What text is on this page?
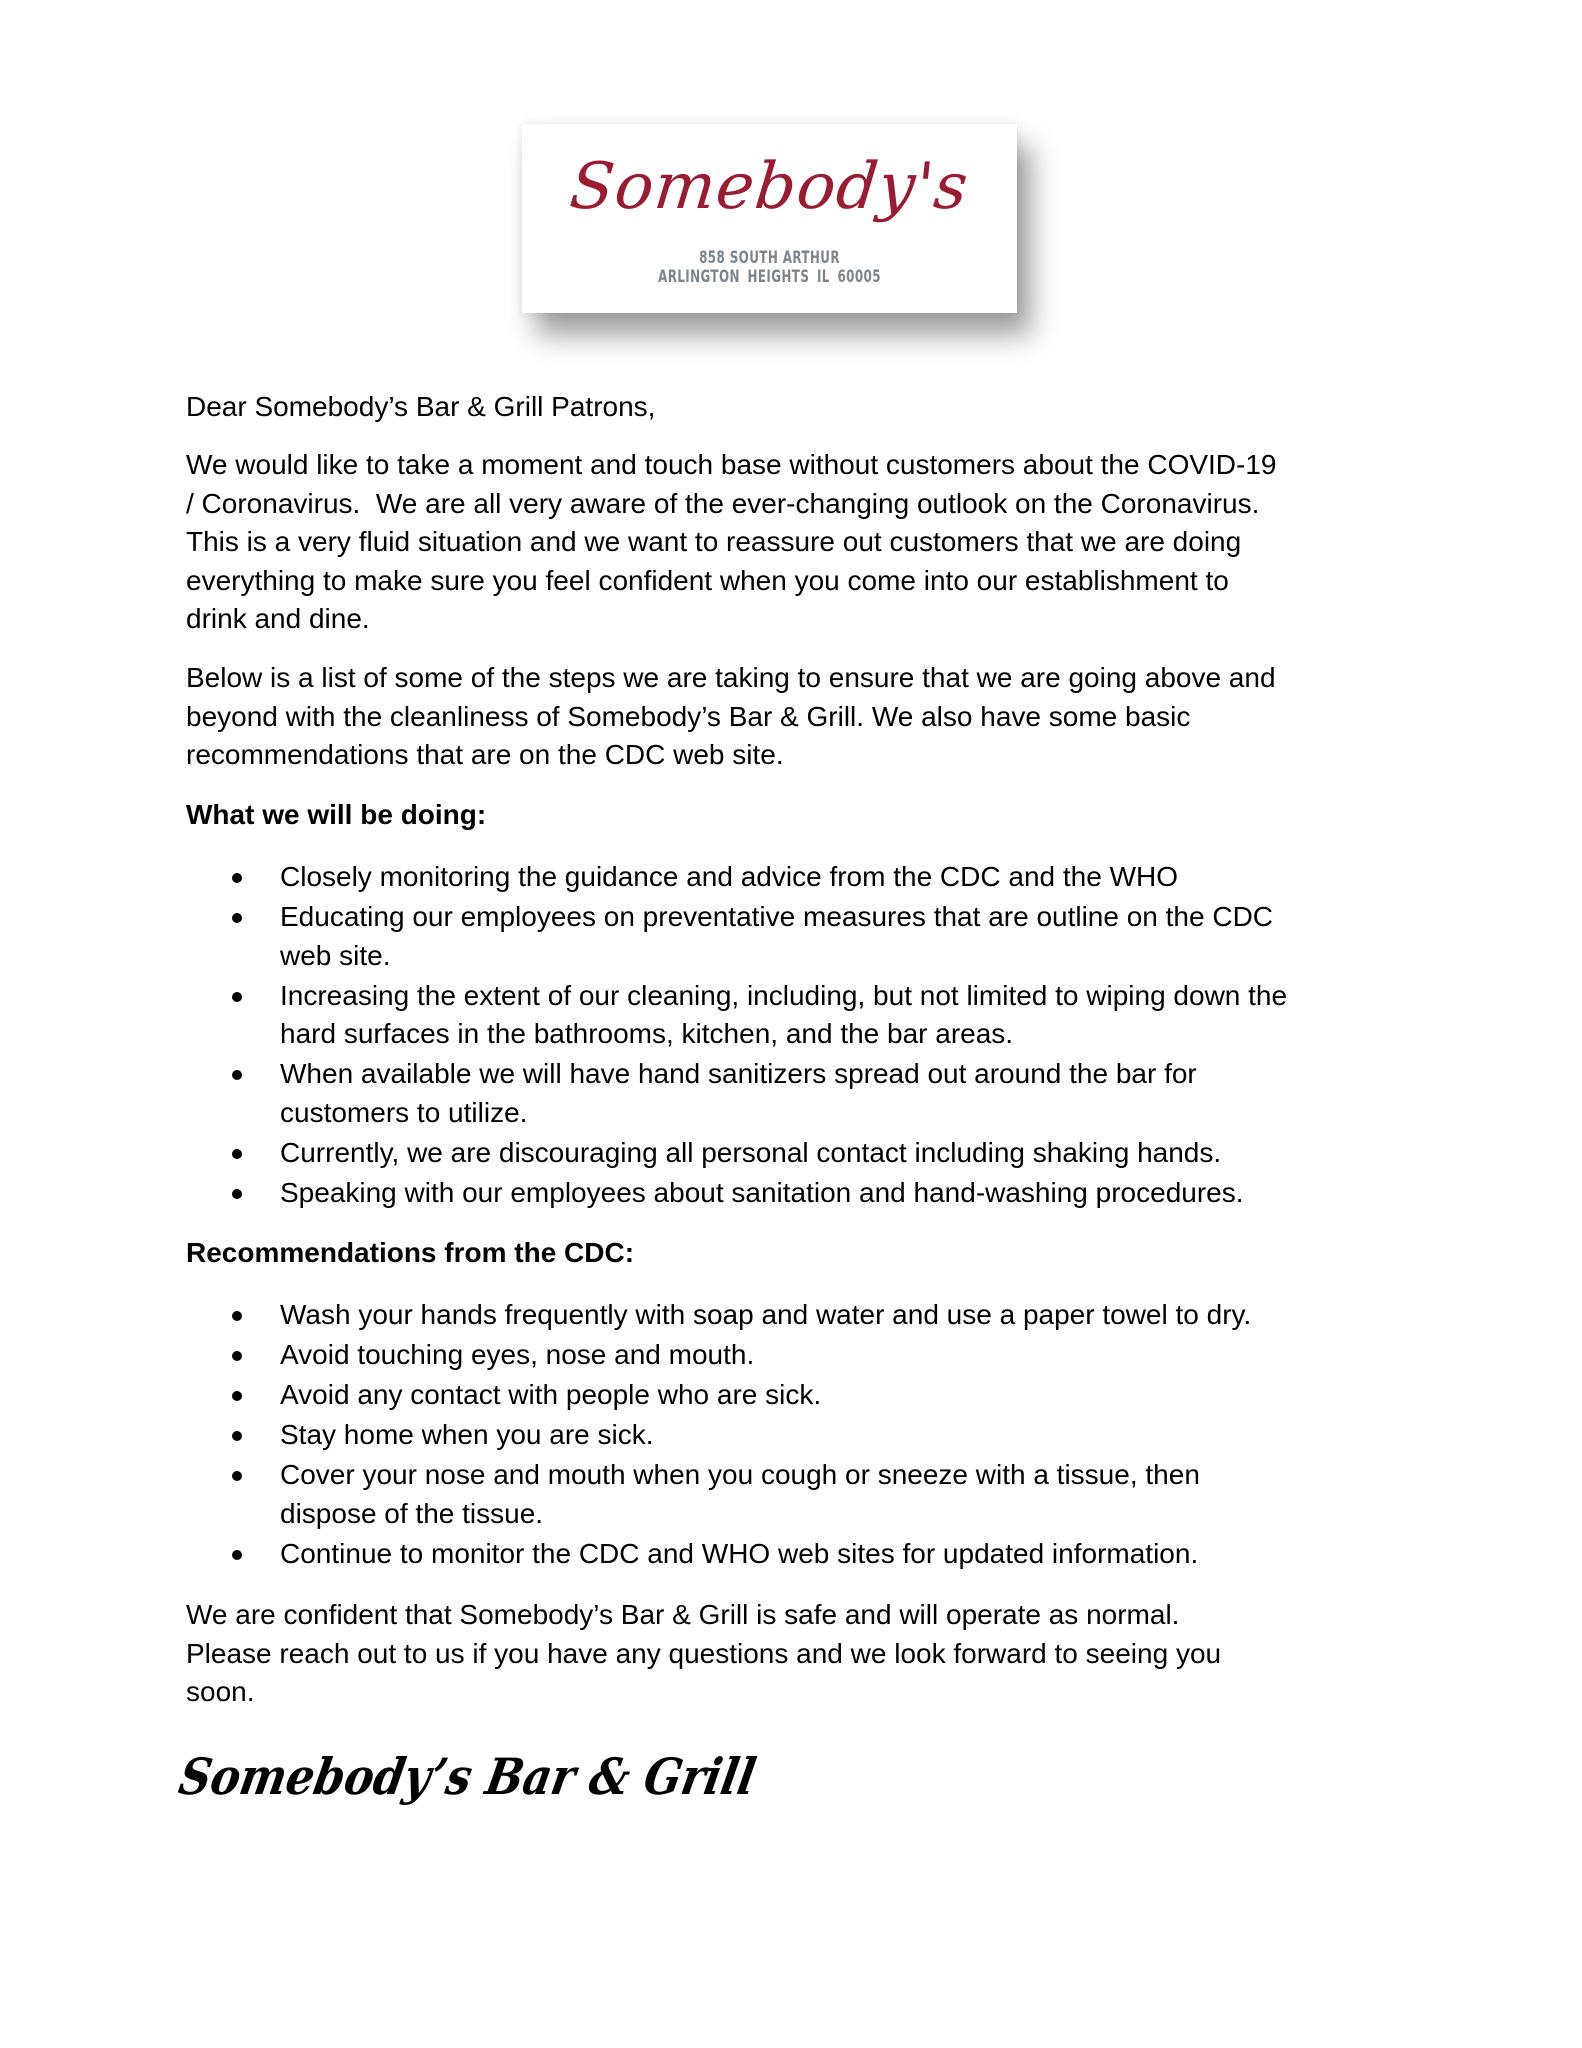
Somebody's
858 SOUTH ARTHUR
ARLINGTON HEIGHTS IL 60005
Dear Somebody’s Bar & Grill Patrons,
We would like to take a moment and touch base without customers about the COVID-19
/ Coronavirus.  We are all very aware of the ever-changing outlook on the Coronavirus.
This is a very fluid situation and we want to reassure out customers that we are doing
everything to make sure you feel confident when you come into our establishment to
drink and dine.
Below is a list of some of the steps we are taking to ensure that we are going above and
beyond with the cleanliness of Somebody’s Bar & Grill. We also have some basic
recommendations that are on the CDC web site.
What we will be doing:
Closely monitoring the guidance and advice from the CDC and the WHO
Educating our employees on preventative measures that are outline on the CDC
web site.
Increasing the extent of our cleaning, including, but not limited to wiping down the
hard surfaces in the bathrooms, kitchen, and the bar areas.
When available we will have hand sanitizers spread out around the bar for
customers to utilize.
Currently, we are discouraging all personal contact including shaking hands.
Speaking with our employees about sanitation and hand-washing procedures.
Recommendations from the CDC:
Wash your hands frequently with soap and water and use a paper towel to dry.
Avoid touching eyes, nose and mouth.
Avoid any contact with people who are sick.
Stay home when you are sick.
Cover your nose and mouth when you cough or sneeze with a tissue, then
dispose of the tissue.
Continue to monitor the CDC and WHO web sites for updated information.
We are confident that Somebody’s Bar & Grill is safe and will operate as normal.
Please reach out to us if you have any questions and we look forward to seeing you
soon.
Somebody’s Bar & Grill
